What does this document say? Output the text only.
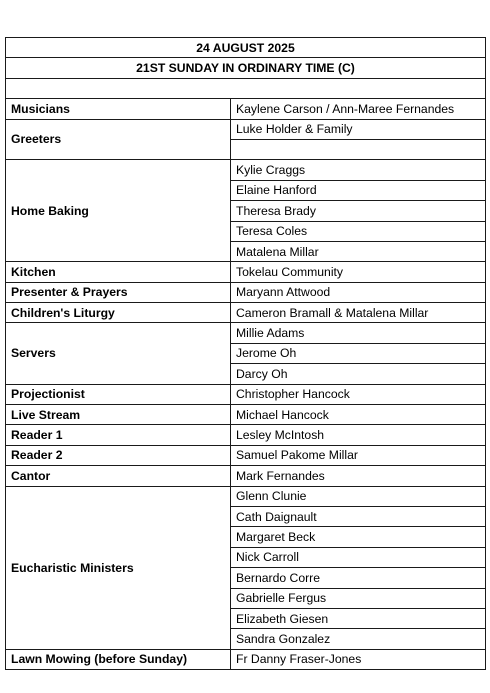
24 AUGUST 2025	
21ST SUNDAY IN ORDINARY TIME (C)	

Musicians	Kaylene Carson / Ann-Maree Fernandes
Greeters	Luke Holder & Family

Home Baking	Kylie Craggs
	Elaine Hanford
	Theresa Brady
	Teresa Coles
	Matalena Millar
Kitchen	Tokelau Community
Presenter & Prayers	Maryann Attwood
Children's Liturgy	Cameron Bramall & Matalena Millar
Servers	Millie Adams
	Jerome Oh
	Darcy Oh
Projectionist	Christopher Hancock
Live Stream	Michael Hancock
Reader 1	Lesley McIntosh
Reader 2	Samuel Pakome Millar
Cantor	Mark Fernandes
Eucharistic Ministers	Glenn Clunie
	Cath Daignault
	Margaret Beck
	Nick Carroll
	Bernardo Corre
	Gabrielle Fergus
	Elizabeth Giesen
	Sandra Gonzalez
Lawn Mowing (before Sunday)	Fr Danny Fraser-Jones
